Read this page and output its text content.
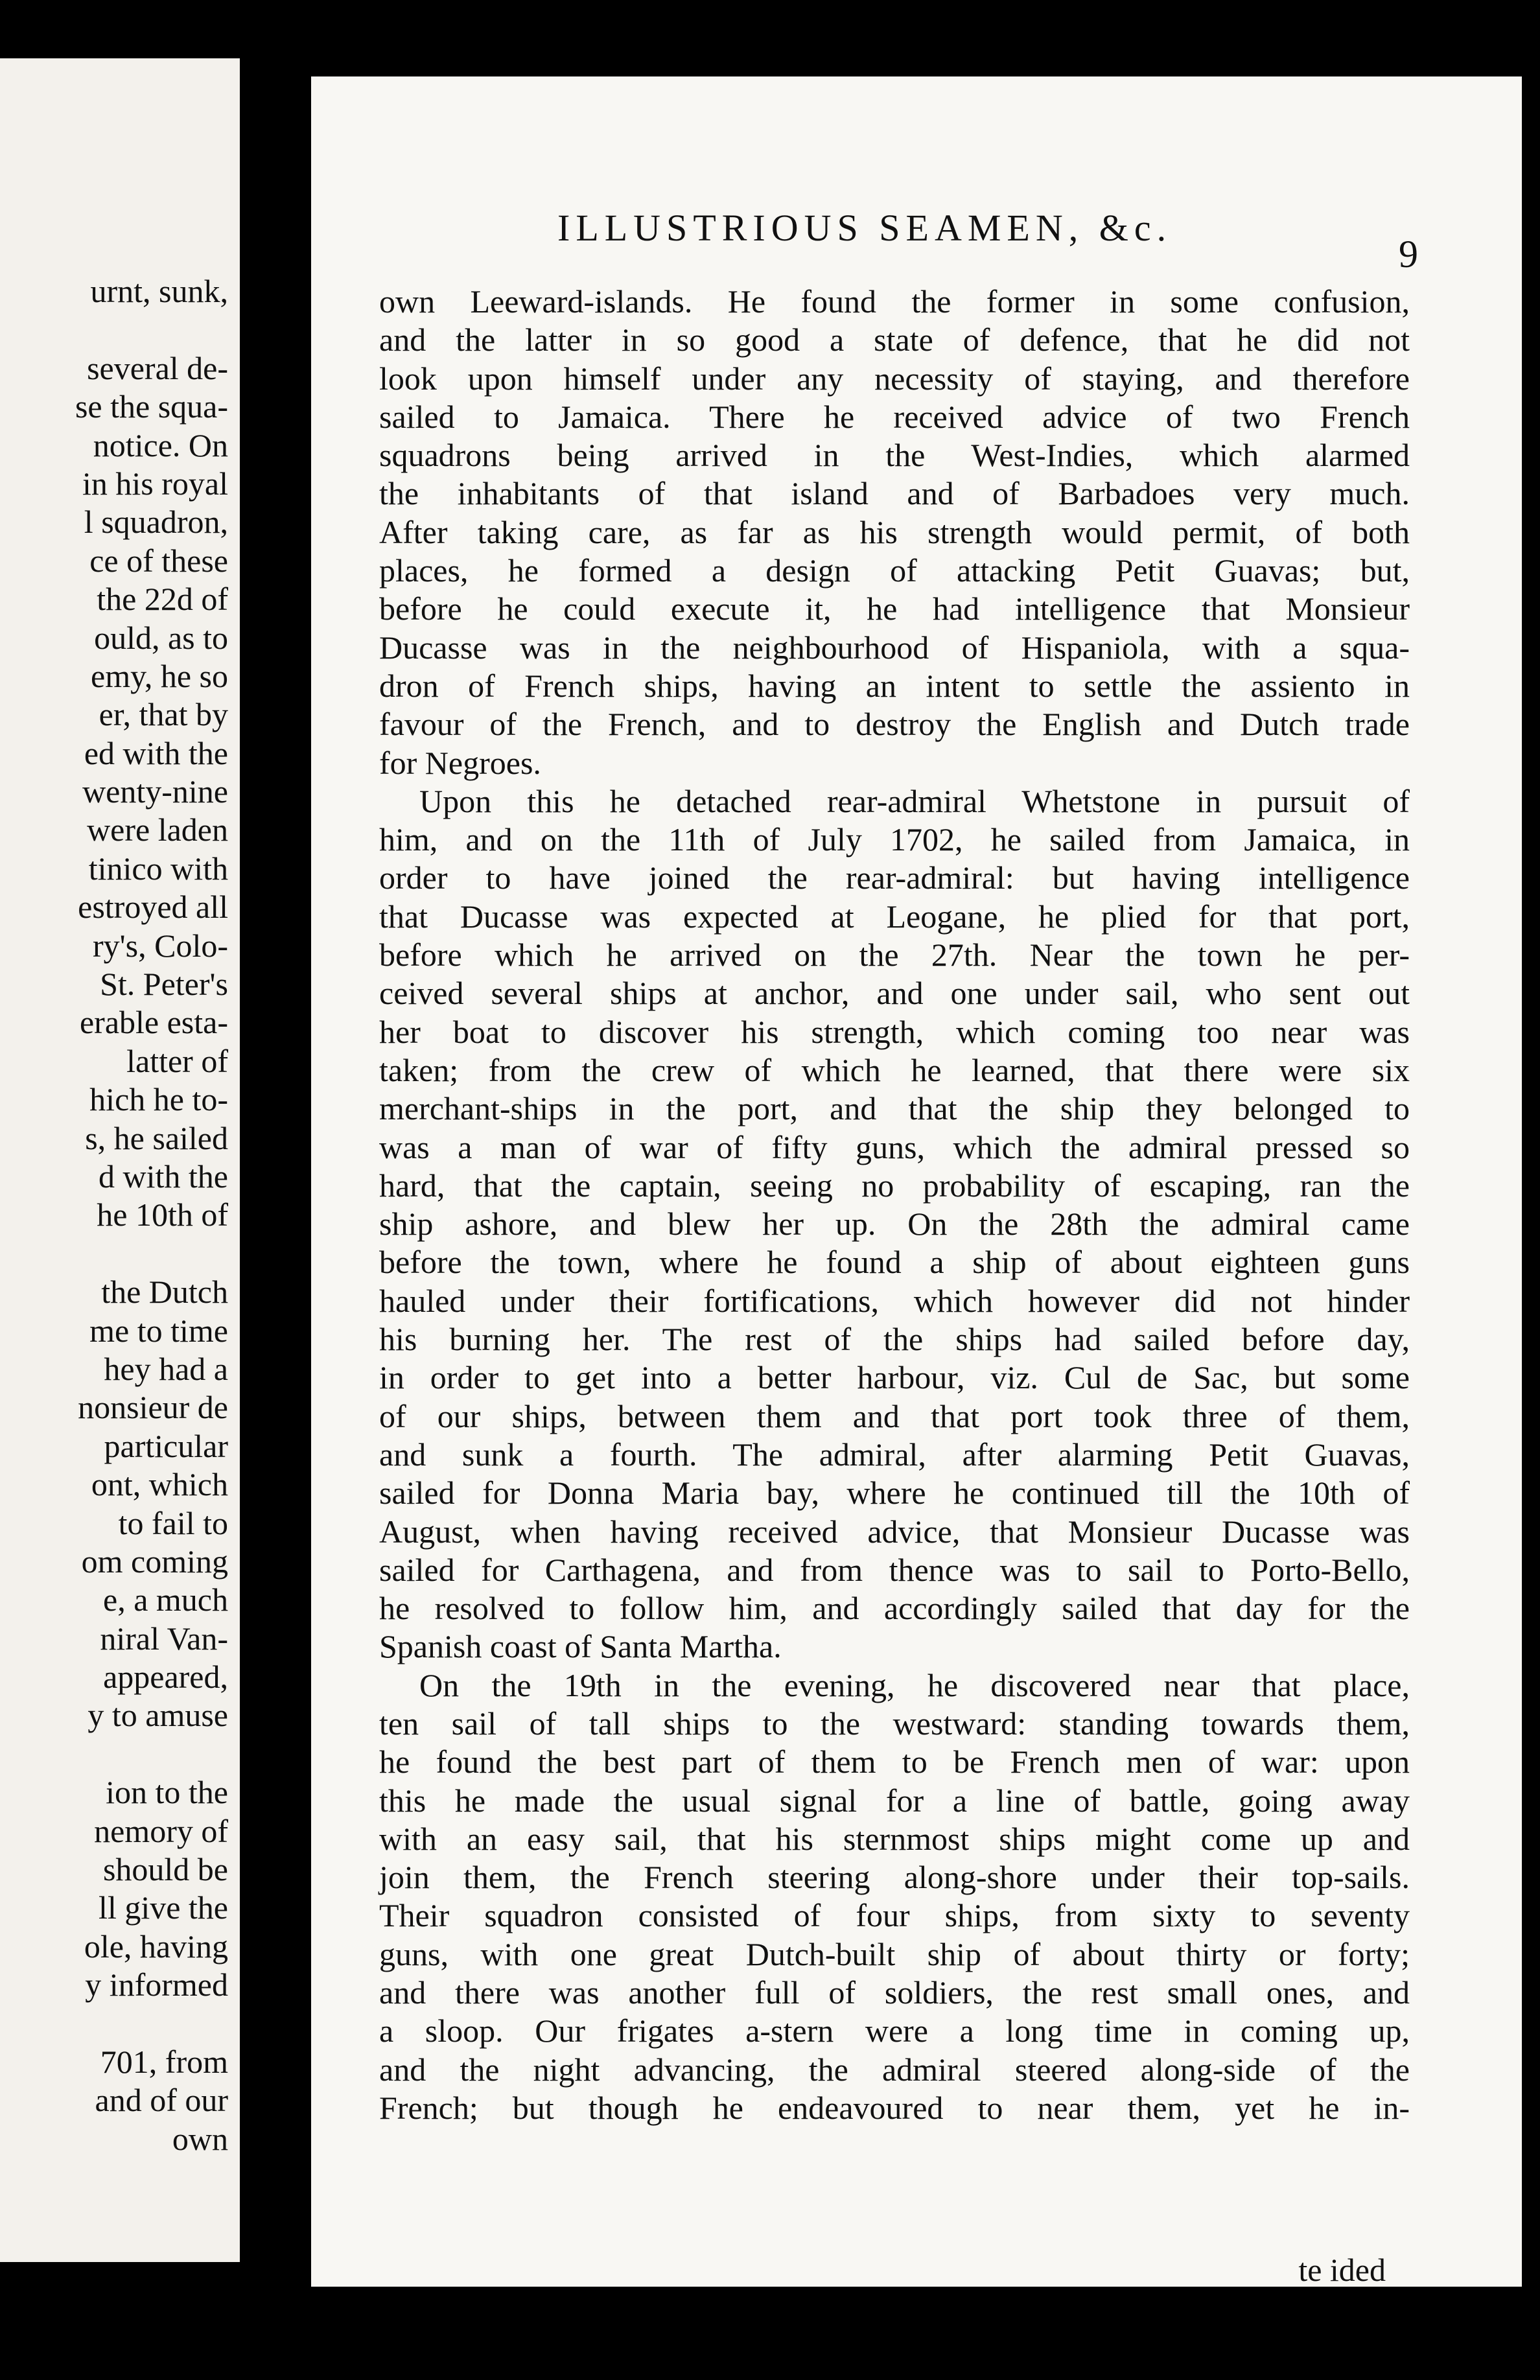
urnt, sunk,
several de-
se the squa-
notice. On
in his royal
l squadron,
ce of these
the 22d of
ould, as to
emy, he so
er, that by
ed with the
wenty-nine
were laden
tinico with
estroyed all
ry's, Colo-
St. Peter's
erable esta-
latter of
hich he to-
s, he sailed
d with the
he 10th of
the Dutch
me to time
hey had a
nonsieur de
particular
ont, which
to fail to
om coming
e, a much
niral Van-
appeared,
y to amuse
ion to the
nemory of
should be
ll give the
ole, having
y informed
701, from
and of our
own
ILLUSTRIOUS SEAMEN, &c.
9
own Leeward-islands. He found the former in some confusion,
and the latter in so good a state of defence, that he did not
look upon himself under any necessity of staying, and therefore
sailed to Jamaica. There he received advice of two French
squadrons being arrived in the West-Indies, which alarmed
the inhabitants of that island and of Barbadoes very much.
After taking care, as far as his strength would permit, of both
places, he formed a design of attacking Petit Guavas; but,
before he could execute it, he had intelligence that Monsieur
Ducasse was in the neighbourhood of Hispaniola, with a squa-
dron of French ships, having an intent to settle the assiento in
favour of the French, and to destroy the English and Dutch trade
for Negroes.
Upon this he detached rear-admiral Whetstone in pursuit of
him, and on the 11th of July 1702, he sailed from Jamaica, in
order to have joined the rear-admiral: but having intelligence
that Ducasse was expected at Leogane, he plied for that port,
before which he arrived on the 27th. Near the town he per-
ceived several ships at anchor, and one under sail, who sent out
her boat to discover his strength, which coming too near was
taken; from the crew of which he learned, that there were six
merchant-ships in the port, and that the ship they belonged to
was a man of war of fifty guns, which the admiral pressed so
hard, that the captain, seeing no probability of escaping, ran the
ship ashore, and blew her up. On the 28th the admiral came
before the town, where he found a ship of about eighteen guns
hauled under their fortifications, which however did not hinder
his burning her. The rest of the ships had sailed before day,
in order to get into a better harbour, viz. Cul de Sac, but some
of our ships, between them and that port took three of them,
and sunk a fourth. The admiral, after alarming Petit Guavas,
sailed for Donna Maria bay, where he continued till the 10th of
August, when having received advice, that Monsieur Ducasse was
sailed for Carthagena, and from thence was to sail to Porto-Bello,
he resolved to follow him, and accordingly sailed that day for the
Spanish coast of Santa Martha.
On the 19th in the evening, he discovered near that place,
ten sail of tall ships to the westward: standing towards them,
he found the best part of them to be French men of war: upon
this he made the usual signal for a line of battle, going away
with an easy sail, that his sternmost ships might come up and
join them, the French steering along-shore under their top-sails.
Their squadron consisted of four ships, from sixty to seventy
guns, with one great Dutch-built ship of about thirty or forty;
and there was another full of soldiers, the rest small ones, and
a sloop. Our frigates a-stern were a long time in coming up,
and the night advancing, the admiral steered along-side of the
French; but though he endeavoured to near them, yet he in-
te ided
